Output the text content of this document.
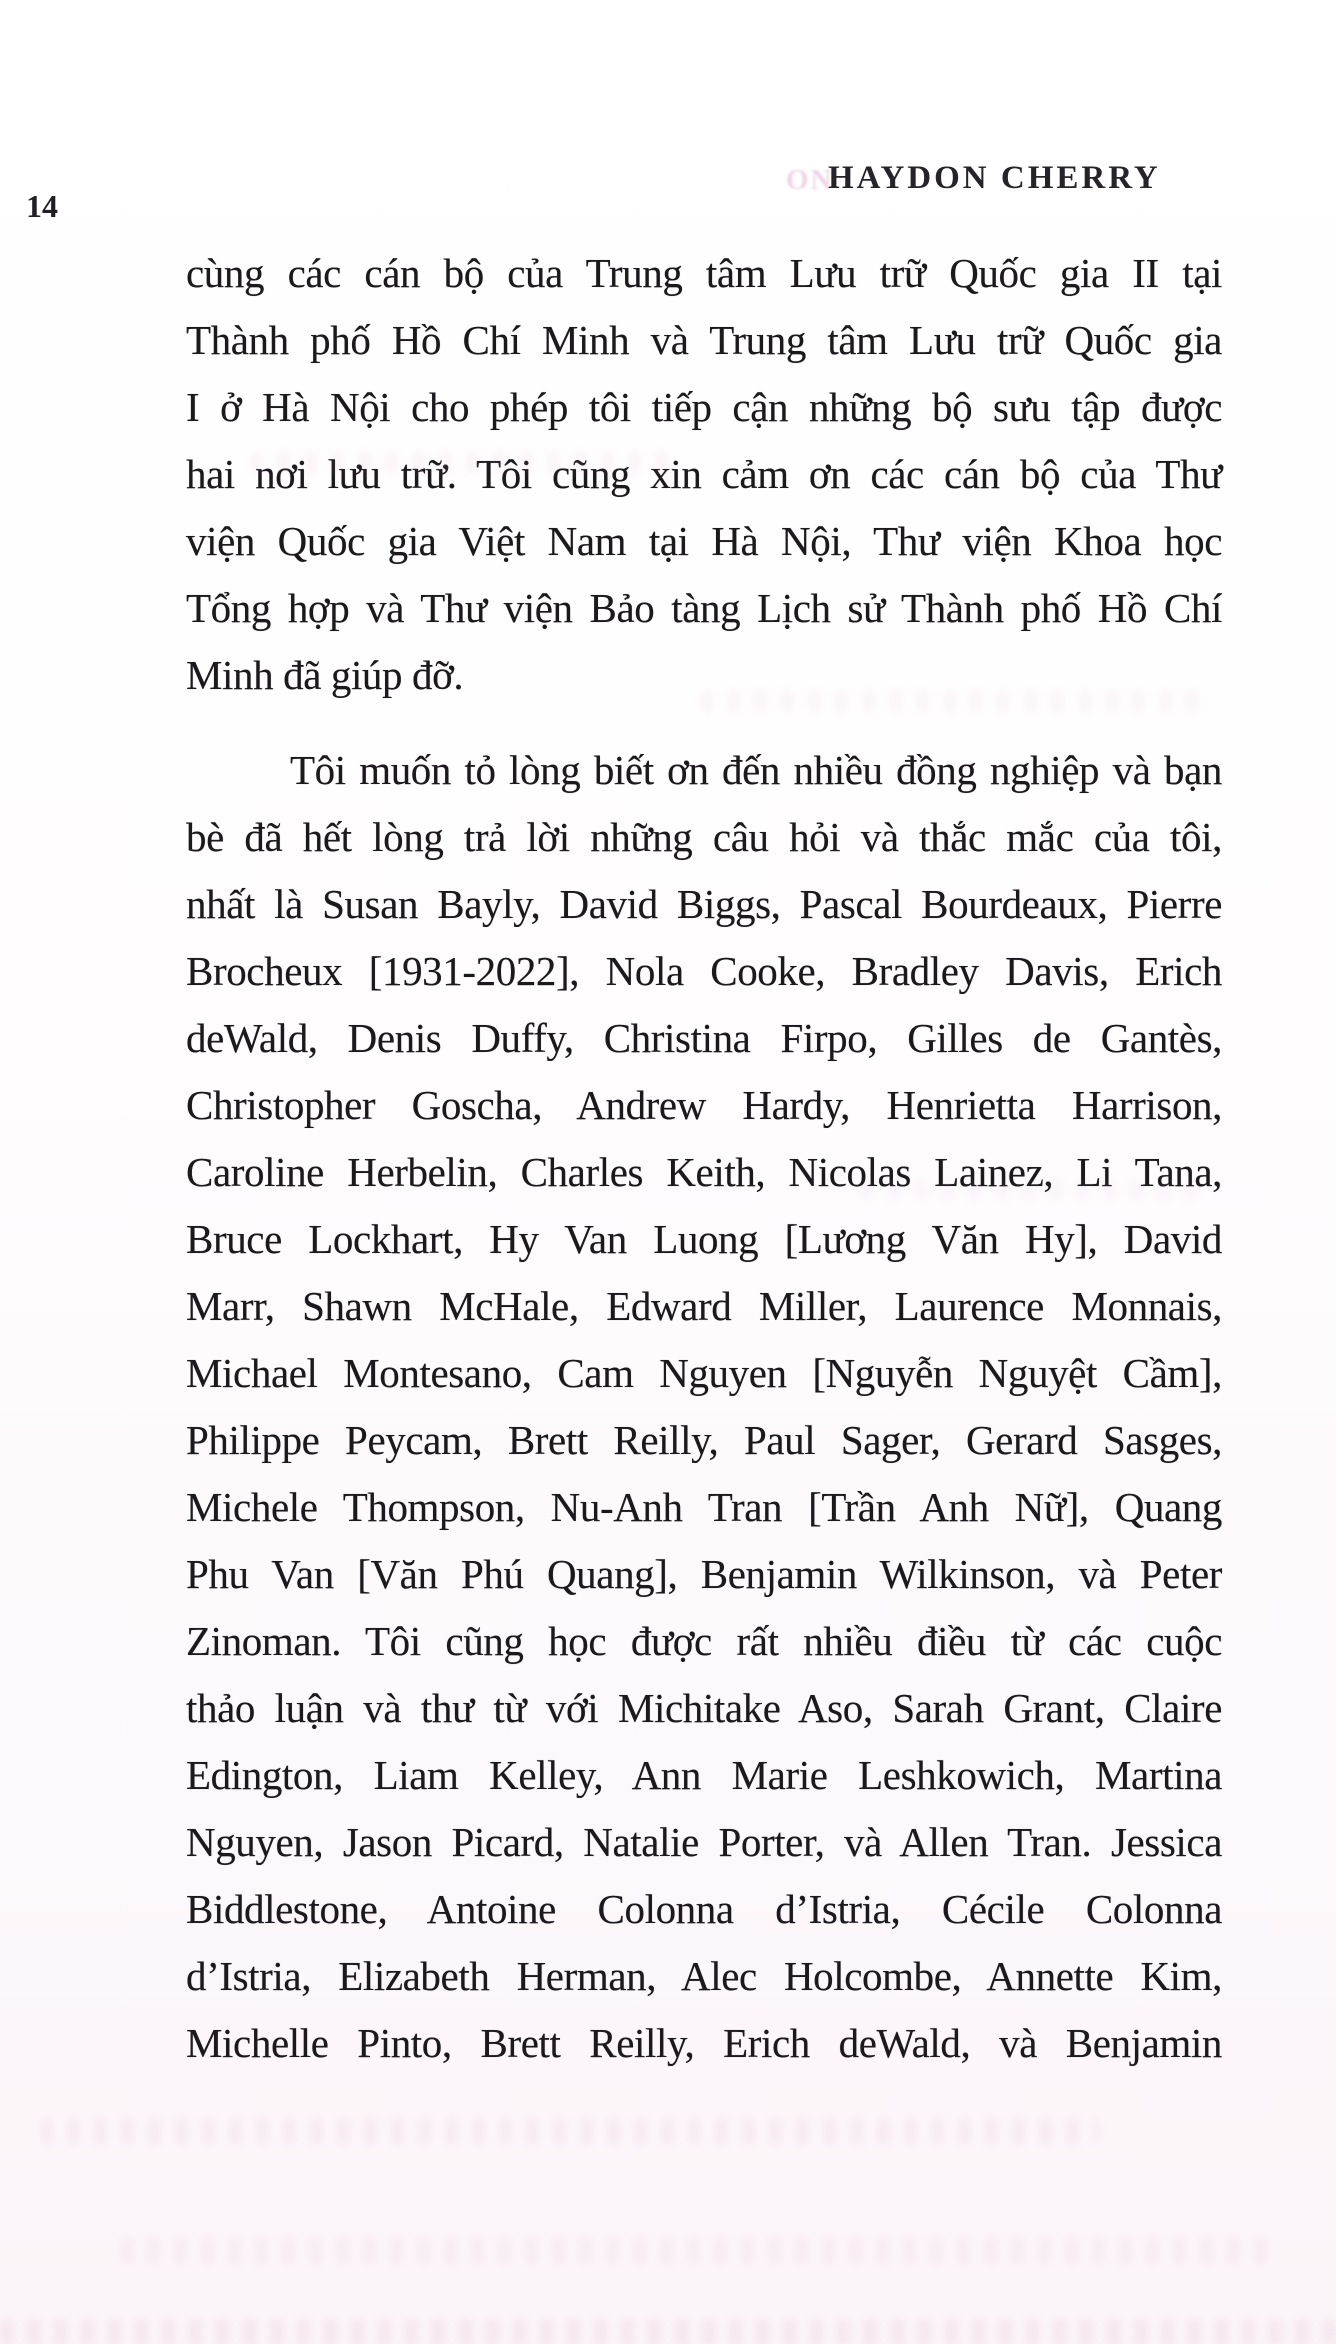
ON
HAYDON CHERRY
14
cùng các cán bộ của Trung tâm Lưu trữ Quốc gia II tại
Thành phố Hồ Chí Minh và Trung tâm Lưu trữ Quốc gia
I ở Hà Nội cho phép tôi tiếp cận những bộ sưu tập được
hai nơi lưu trữ. Tôi cũng xin cảm ơn các cán bộ của Thư
viện Quốc gia Việt Nam tại Hà Nội, Thư viện Khoa học
Tổng hợp và Thư viện Bảo tàng Lịch sử Thành phố Hồ Chí
Minh đã giúp đỡ.
Tôi muốn tỏ lòng biết ơn đến nhiều đồng nghiệp và bạn
bè đã hết lòng trả lời những câu hỏi và thắc mắc của tôi,
nhất là Susan Bayly, David Biggs, Pascal Bourdeaux, Pierre
Brocheux [1931-2022], Nola Cooke, Bradley Davis, Erich
deWald, Denis Duffy, Christina Firpo, Gilles de Gantès,
Christopher Goscha, Andrew Hardy, Henrietta Harrison,
Caroline Herbelin, Charles Keith, Nicolas Lainez, Li Tana,
Bruce Lockhart, Hy Van Luong [Lương Văn Hy], David
Marr, Shawn McHale, Edward Miller, Laurence Monnais,
Michael Montesano, Cam Nguyen [Nguyễn Nguyệt Cầm],
Philippe Peycam, Brett Reilly, Paul Sager, Gerard Sasges,
Michele Thompson, Nu-Anh Tran [Trần Anh Nữ], Quang
Phu Van [Văn Phú Quang], Benjamin Wilkinson, và Peter
Zinoman. Tôi cũng học được rất nhiều điều từ các cuộc
thảo luận và thư từ với Michitake Aso, Sarah Grant, Claire
Edington, Liam Kelley, Ann Marie Leshkowich, Martina
Nguyen, Jason Picard, Natalie Porter, và Allen Tran. Jessica
Biddlestone, Antoine Colonna d’Istria, Cécile Colonna
d’Istria, Elizabeth Herman, Alec Holcombe, Annette Kim,
Michelle Pinto, Brett Reilly, Erich deWald, và Benjamin
